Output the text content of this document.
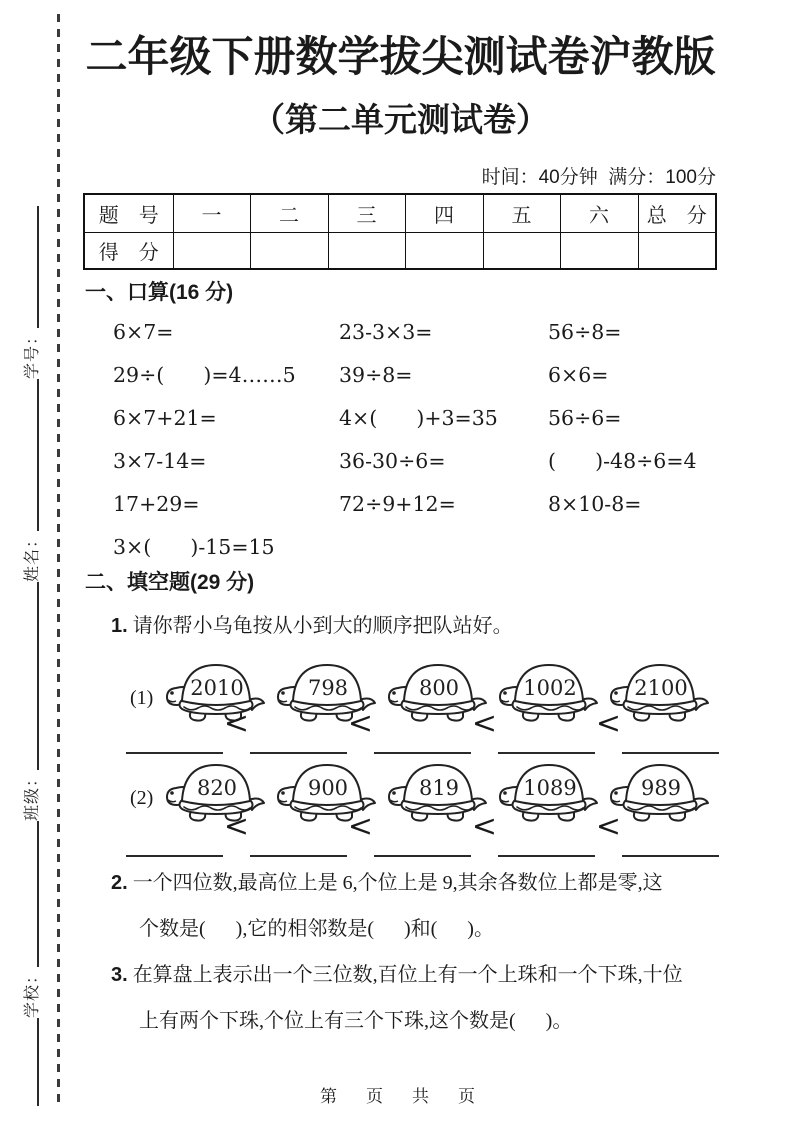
学校：
班级：
姓名：
学号：
二年级下册数学拔尖测试卷沪教版
（第二单元测试卷）
时间：40分钟  满分：100分
题　号	一	二	三	四	五	六	总　分
得　分							
一、口算(16 分)
6×7=	23-3×3=	56÷8=
29÷(      )=4……5	39÷8=	6×6=
6×7+21=	4×(      )+3=35	56÷6=
3×7-14=	36-30÷6=	(      )-48÷6=4
17+29=	72÷9+12=	8×10-8=
3×(      )-15=15
二、填空题(29 分)
1. 请你帮小乌龟按从小到大的顺序把队站好。
(1)	2010	798	800	1002	2100
<	<	<	<
(2)	820	900	819	1089	989
<	<	<	<
2. 一个四位数,最高位上是 6,个位上是 9,其余各数位上都是零,这
个数是(      ),它的相邻数是(      )和(      )。
3. 在算盘上表示出一个三位数,百位上有一个上珠和一个下珠,十位
上有两个下珠,个位上有三个下珠,这个数是(      )。
第　页　共　页
